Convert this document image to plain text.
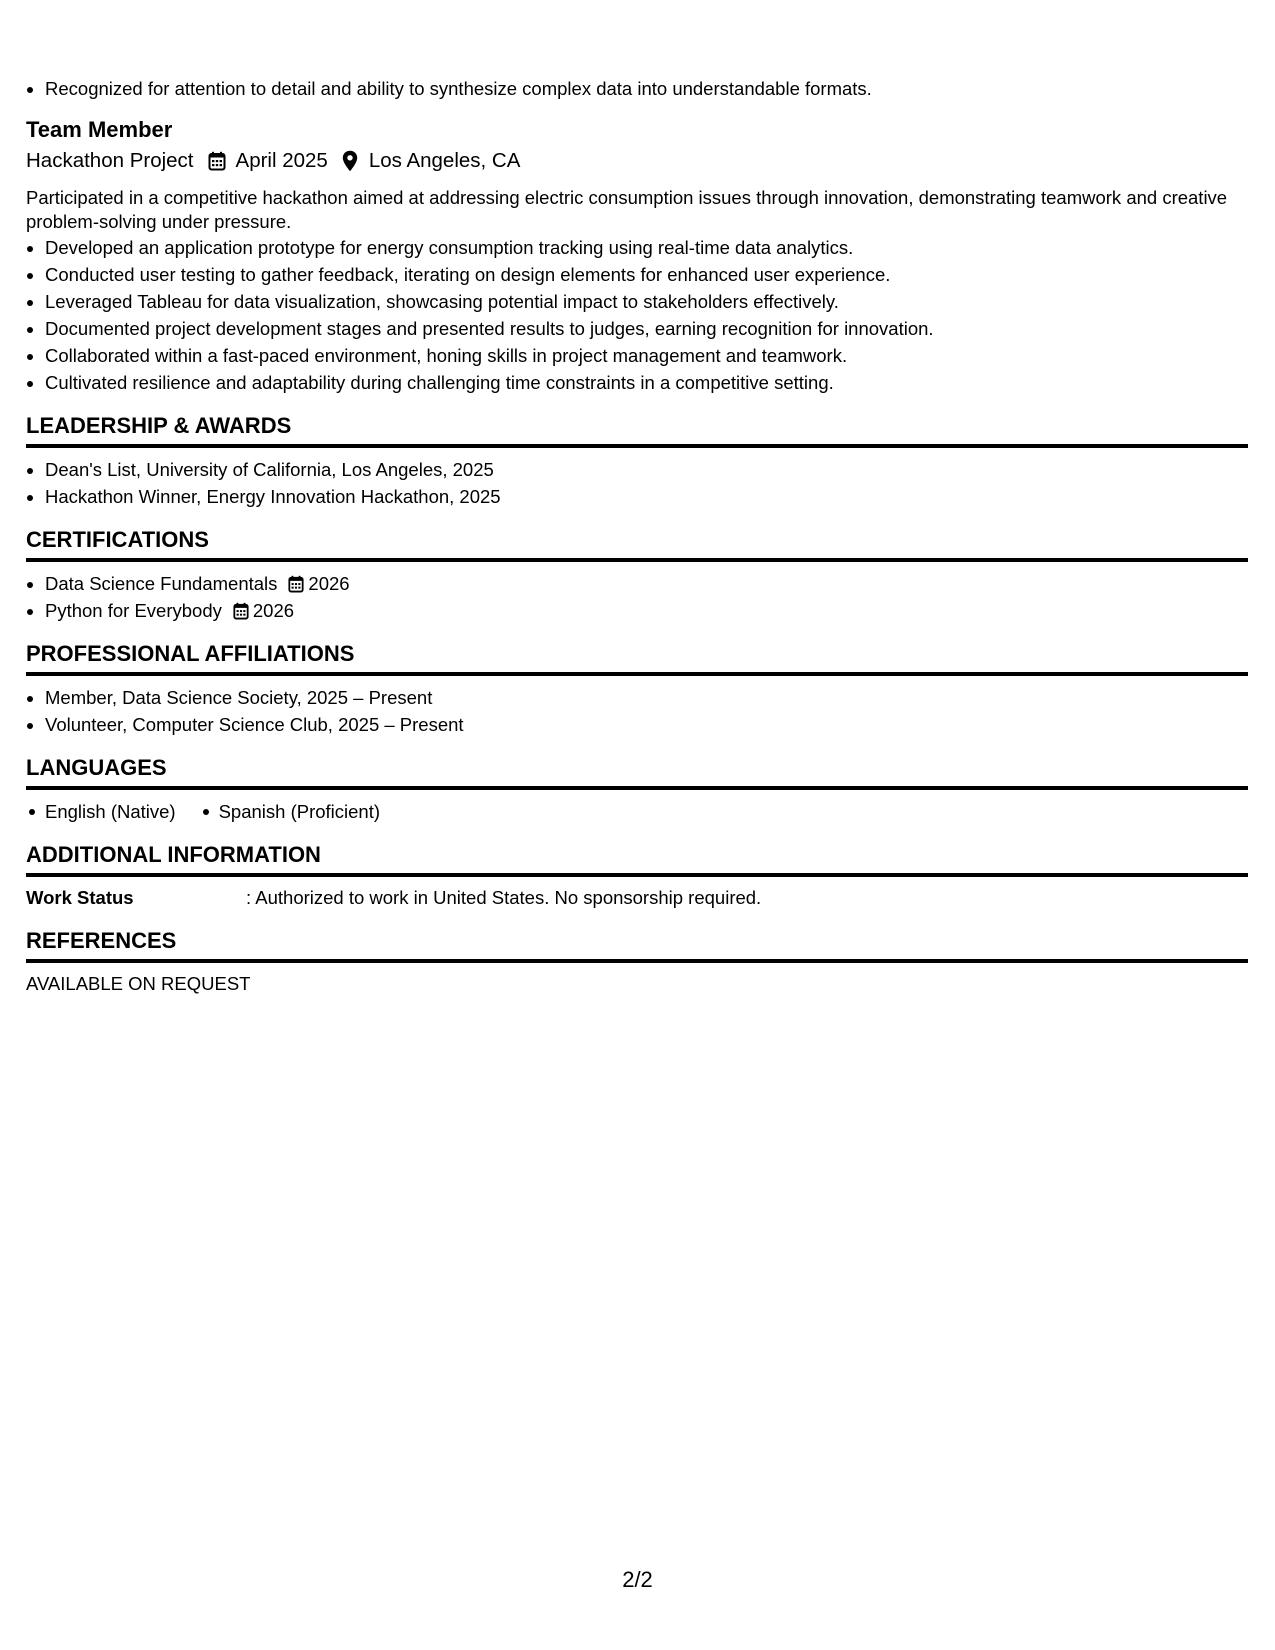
• Recognized for attention to detail and ability to synthesize complex data into understandable formats.
Team Member
Hackathon Project April 2025 Los Angeles, CA
Participated in a competitive hackathon aimed at addressing electric consumption issues through innovation, demonstrating teamwork and creative problem-solving under pressure.
• Developed an application prototype for energy consumption tracking using real-time data analytics.
• Conducted user testing to gather feedback, iterating on design elements for enhanced user experience.
• Leveraged Tableau for data visualization, showcasing potential impact to stakeholders effectively.
• Documented project development stages and presented results to judges, earning recognition for innovation.
• Collaborated within a fast-paced environment, honing skills in project management and teamwork.
• Cultivated resilience and adaptability during challenging time constraints in a competitive setting.
LEADERSHIP & AWARDS
• Dean's List, University of California, Los Angeles, 2025
• Hackathon Winner, Energy Innovation Hackathon, 2025
CERTIFICATIONS
• Data Science Fundamentals 2026
• Python for Everybody 2026
PROFESSIONAL AFFILIATIONS
• Member, Data Science Society, 2025 – Present
• Volunteer, Computer Science Club, 2025 – Present
LANGUAGES
English (Native)	Spanish (Proficient)
ADDITIONAL INFORMATION
Work Status	: Authorized to work in United States. No sponsorship required.
REFERENCES
AVAILABLE ON REQUEST
2/2
